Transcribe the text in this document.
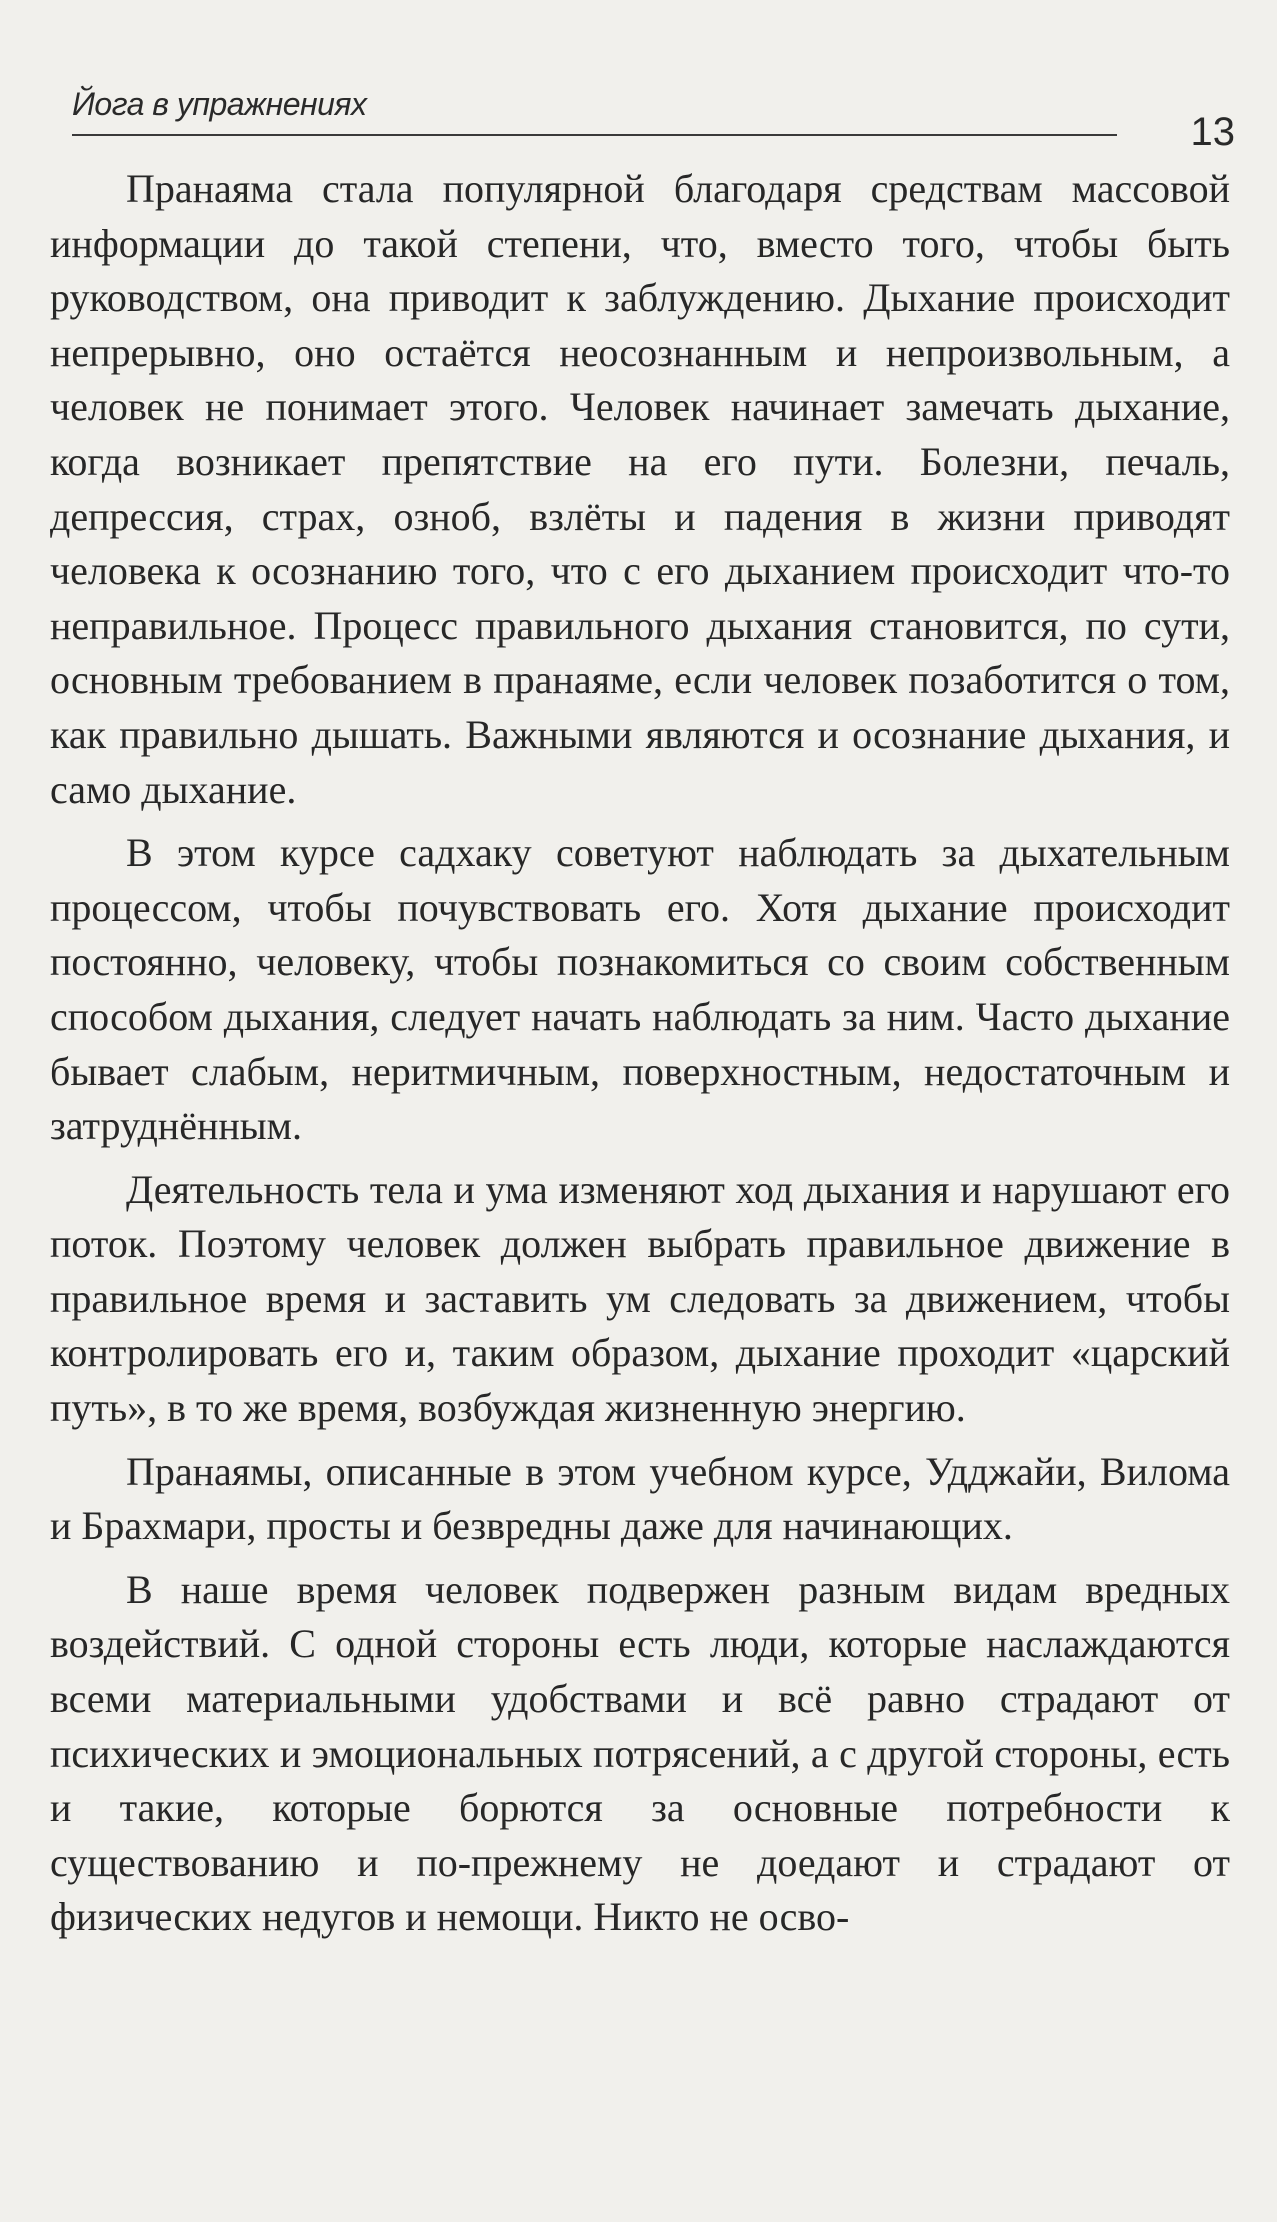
Йога в упражнениях
13

Пранаяма стала популярной благодаря средствам массовой информации до такой степени, что, вместо того, чтобы быть руководством, она приводит к заблуждению. Дыхание происходит непрерывно, оно остаётся неосознанным и непроизвольным, а человек не понимает этого. Человек начинает замечать дыхание, когда возникает препятствие на его пути. Болезни, печаль, депрессия, страх, озноб, взлёты и падения в жизни приводят человека к осознанию того, что с его дыханием происходит что-то неправильное. Процесс правильного дыхания становится, по сути, основным требованием в пранаяме, если человек позаботится о том, как правильно дышать. Важными являются и осознание дыхания, и само дыхание.

В этом курсе садхаку советуют наблюдать за дыхательным процессом, чтобы почувствовать его. Хотя дыхание происходит постоянно, человеку, чтобы познакомиться со своим собственным способом дыхания, следует начать наблюдать за ним. Часто дыхание бывает слабым, неритмичным, поверхностным, недостаточным и затруднённым.

Деятельность тела и ума изменяют ход дыхания и нарушают его поток. Поэтому человек должен выбрать правильное движение в правильное время и заставить ум следовать за движением, чтобы контролировать его и, таким образом, дыхание проходит «царский путь», в то же время, возбуждая жизненную энергию.

Пранаямы, описанные в этом учебном курсе, Удджайи, Вилома и Брахмари, просты и безвредны даже для начинающих.

В наше время человек подвержен разным видам вредных воздействий. С одной стороны есть люди, которые наслаждаются всеми материальными удобствами и всё равно страдают от психических и эмоциональных потрясений, а с другой стороны, есть и такие, которые борются за основные потребности к существованию и по-прежнему не доедают и страдают от физических недугов и немощи. Никто не осво-
